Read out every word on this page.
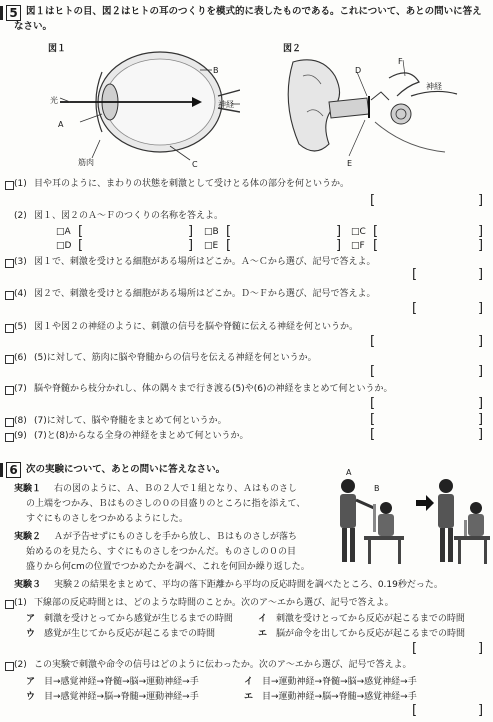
5 図１はヒトの目、図２はヒトの耳のつくりを模式的に表したものである。これについて、あとの問いに答え
なさい。
図１
B
光
A
神経
筋肉	C
図２
D
F
神経
E
(1) 目や耳のように、まわりの状態を刺激として受けとる体の部分を何というか。
[	]
(2) 図１、図２のＡ～Ｆのつくりの名称を答えよ。
□A [	] □B [	] □C [	]
□D [	] □E [	] □F [	]
(3) 図１で、刺激を受けとる細胞がある場所はどこか。Ａ～Ｃから選び、記号で答えよ。
[	]
(4) 図２で、刺激を受けとる細胞がある場所はどこか。Ｄ～Ｆから選び、記号で答えよ。
[	]
(5) 図１や図２の神経のように、刺激の信号を脳や脊髄に伝える神経を何というか。
[	]
(6) (5)に対して、筋肉に脳や脊髄からの信号を伝える神経を何というか。
[	]
(7) 脳や脊髄から枝分かれし、体の隅々まで行き渡る(5)や(6)の神経をまとめて何というか。
[	]
(8) (7)に対して、脳や脊髄をまとめて何というか。	[	]
(9) (7)と(8)からなる全身の神経をまとめて何というか。	[	]
6 次の実験について、あとの問いに答えなさい。
実験１ 右の図のように、Ａ、Ｂの２人で１組となり、Ａはものさし
の上端をつかみ、Ｂはものさしの０の目盛りのところに指を添えて、
すぐにものさしをつかめるようにした。
実験２ Ａが予告せずにものさしを手から放し、Ｂはものさしが落ち
始めるのを見たら、すぐにものさしをつかんだ。ものさしの０の目
盛りから何cmの位置でつかめたかを調べ、これを何回か繰り返した。
実験３ 実験２の結果をまとめて、平均の落下距離から平均の反応時間を調べたところ、0.19秒だった。
A
B
(1) 下線部の反応時間とは、どのような時間のことか。次のア～エから選び、記号で答えよ。
ア 刺激を受けとってから感覚が生じるまでの時間	イ 刺激を受けとってから反応が起こるまでの時間
ウ 感覚が生じてから反応が起こるまでの時間	エ 脳が命令を出してから反応が起こるまでの時間
[	]
(2) この実験で刺激や命令の信号はどのように伝わったか。次のア～エから選び、記号で答えよ。
ア 目→感覚神経→脊髄→脳→運動神経→手	イ 目→運動神経→脊髄→脳→感覚神経→手
ウ 目→感覚神経→脳→脊髄→運動神経→手	エ 目→運動神経→脳→脊髄→感覚神経→手
[	]
